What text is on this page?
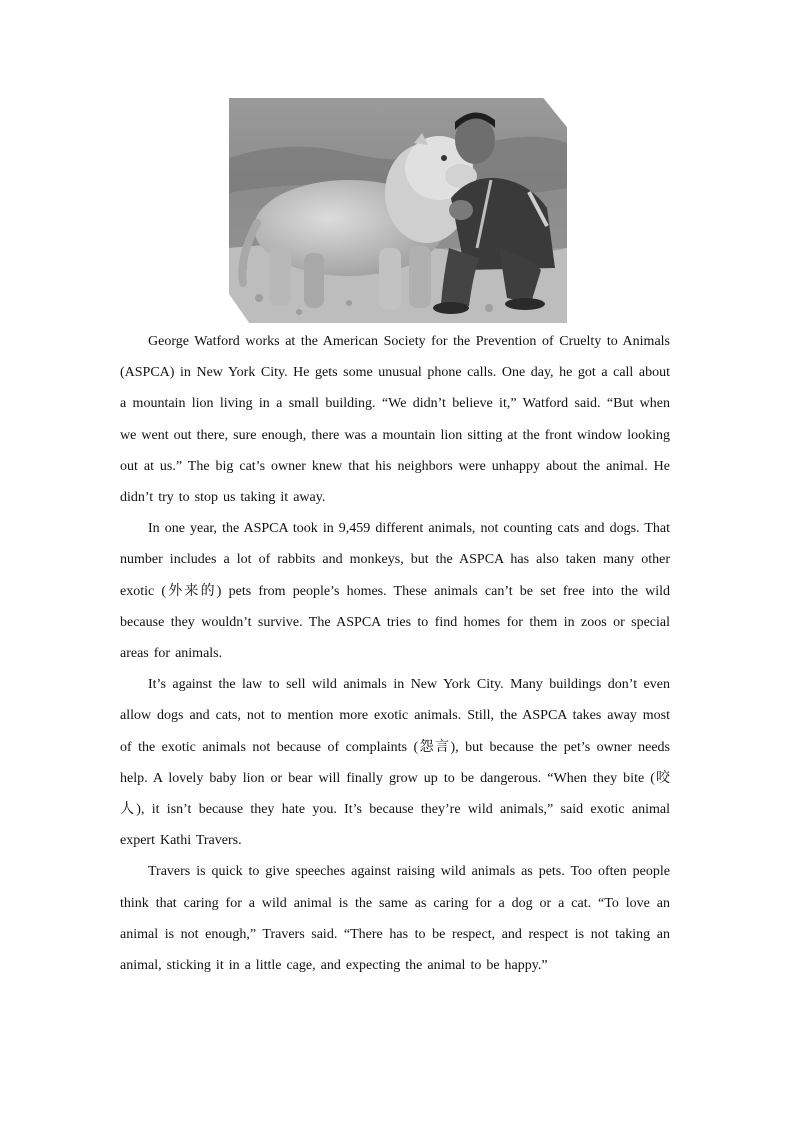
George Watford works at the American Society for the Prevention of Cruelty to Animals (ASPCA) in New York City. He gets some unusual phone calls. One day, he got a call about a mountain lion living in a small building. “We didn’t believe it,” Watford said. “But when we went out there, sure enough, there was a mountain lion sitting at the front window looking out at us.” The big cat’s owner knew that his neighbors were unhappy about the animal. He didn’t try to stop us taking it away.

In one year, the ASPCA took in 9,459 different animals, not counting cats and dogs. That number includes a lot of rabbits and monkeys, but the ASPCA has also taken many other exotic (外来的) pets from people’s homes. These animals can’t be set free into the wild because they wouldn’t survive. The ASPCA tries to find homes for them in zoos or special areas for animals.

It’s against the law to sell wild animals in New York City. Many buildings don’t even allow dogs and cats, not to mention more exotic animals. Still, the ASPCA takes away most of the exotic animals not because of complaints (怨言), but because the pet’s owner needs help. A lovely baby lion or bear will finally grow up to be dangerous. “When they bite (咬人), it isn’t because they hate you. It’s because they’re wild animals,” said exotic animal expert Kathi Travers.

Travers is quick to give speeches against raising wild animals as pets. Too often people think that caring for a wild animal is the same as caring for a dog or a cat. “To love an animal is not enough,” Travers said. “There has to be respect, and respect is not taking an animal, sticking it in a little cage, and expecting the animal to be happy.”
